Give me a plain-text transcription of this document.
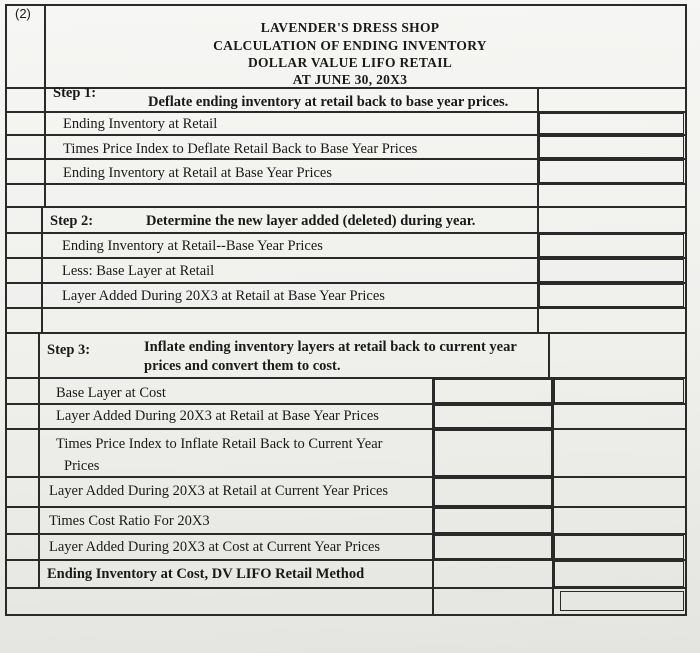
(2)
LAVENDER'S DRESS SHOP
CALCULATION OF ENDING INVENTORY
DOLLAR VALUE LIFO RETAIL
AT JUNE 30, 20X3
Step 1:
Deflate ending inventory at retail back to base year prices.
Ending Inventory at Retail
Times Price Index to Deflate Retail Back to Base Year Prices
Ending Inventory at Retail at Base Year Prices
Step 2:	Determine the new layer added (deleted) during year.
Ending Inventory at Retail--Base Year Prices
Less: Base Layer at Retail
Layer Added During 20X3 at Retail at Base Year Prices
Step 3:	Inflate ending inventory layers at retail back to current year
prices and convert them to cost.
Base Layer at Cost
Layer Added During 20X3 at Retail at Base Year Prices
Times Price Index to Inflate Retail Back to Current Year
Prices
Layer Added During 20X3 at Retail at Current Year Prices
Times Cost Ratio For 20X3
Layer Added During 20X3 at Cost at Current Year Prices
Ending Inventory at Cost, DV LIFO Retail Method
